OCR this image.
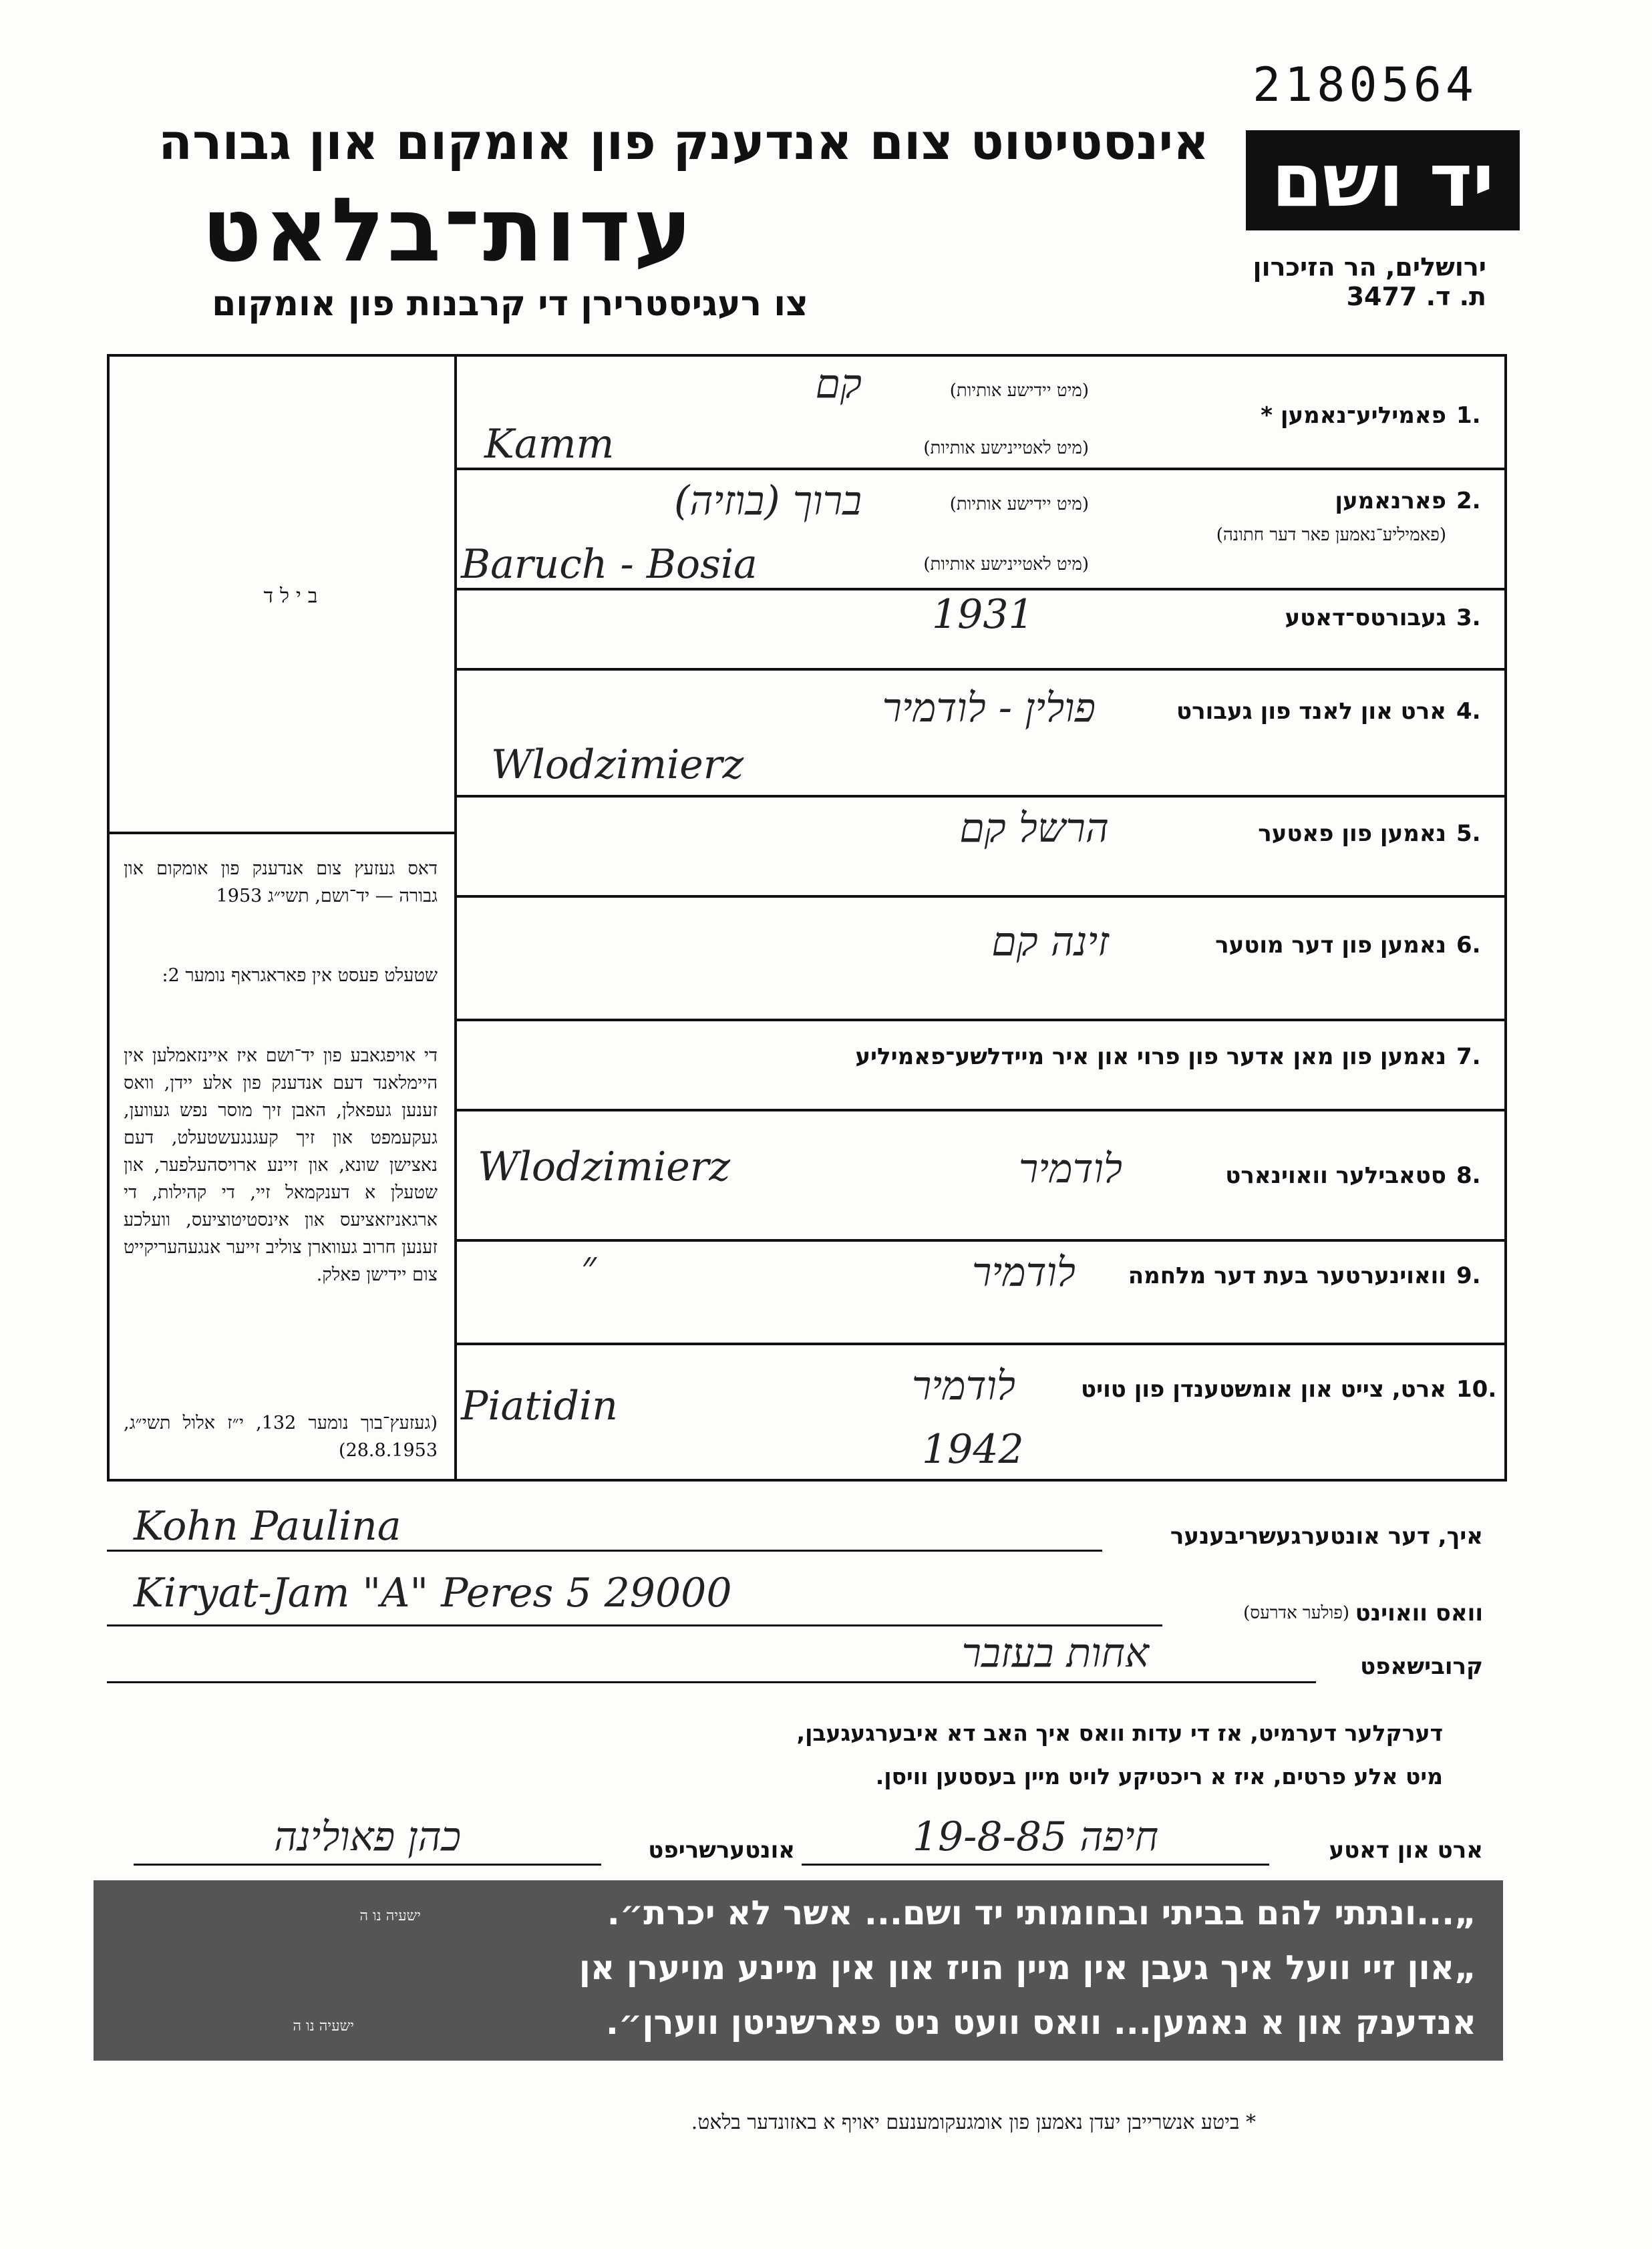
2180564
יד ושם
ירושלים, הר הזיכרון
ת. ד. 3477
אינסטיטוט צום אנדענק פון אומקום און גבורה
עדות־בלאט
צו רעגיסטרירן די קרבנות פון אומקום
בילד
דאס געזעץ צום אנדענק פון אומקום און גבורה — יד־ושם, תשי״ג 1953
שטעלט פעסט אין פאראגראף נומער 2:
די אויפגאבע פון יד־ושם איז איינזאמלען אין היימלאנד דעם אנדענק פון אלע יידן, וואס זענען געפאלן, האבן זיך מוסר נפש געווען, געקעמפט און זיך קעגנגעשטעלט, דעם נאצישן שונא, און זיינע ארויסהעלפער, און שטעלן א דענקמאל זיי, די קהילות, די ארגאניזאציעס און אינסטיטוציעס, וועלכע זענען חרוב געווארן צוליב זייער אנגעהעריקייט צום יידישן פאלק.
(געזעץ־בוך נומער 132, י״ז אלול תשי״ג, 28.8.1953)
1.
פאמיליע־נאמען *
(מיט יידישע אותיות)
קם
(מיט לאטיינישע אותיות)
Kamm
2.
פארנאמען
(פאמיליע־נאמען פאר דער חתונה)
(מיט יידישע אותיות)
ברוך (בוזיה)
(מיט לאטיינישע אותיות)
Baruch - Bosia
3.
געבורטס־דאטע
1931
4.
ארט און לאנד פון געבורט
פולין - לודמיר
Wlodzimierz
5.
נאמען פון פאטער
הרשל קם
6.
נאמען פון דער מוטער
זינה קם
7.
נאמען פון מאן אדער פון פרוי און איר מיידלשע־פאמיליע
8.
סטאבילער וואוינארט
לודמיר
Wlodzimierz
9.
וואוינערטער בעת דער מלחמה
לודמיר
״
10.
ארט, צייט און אומשטענדן פון טויט
לודמיר
Piatidin
1942
איך, דער אונטערגעשריבענער
Kohn Paulina
וואס וואוינט
(פולער אדרעס)
Kiryat-Jam "A" Peres 5 29000
קרובישאפט
אחות בעזבר
דערקלער דערמיט, אז די עדות וואס איך האב דא איבערגעגעבן,
מיט אלע פרטים, איז א ריכטיקע לויט מיין בעסטען וויסן.
ארט און דאטע
חיפה 19-8-85
אונטערשריפט
כהן פאולינה
„...ונתתי להם בביתי ובחומותי יד ושם... אשר לא יכרת״.
ישעיה נו ה
„און זיי וועל איך געבן אין מיין הויז און אין מיינע מויערן אן
אנדענק און א נאמען... וואס וועט ניט פארשניטן ווערן״.
ישעיה נו ה
* ביטע אנשרייבן יעדן נאמען פון אומגעקומענעם יאויף א באזונדער בלאט.
